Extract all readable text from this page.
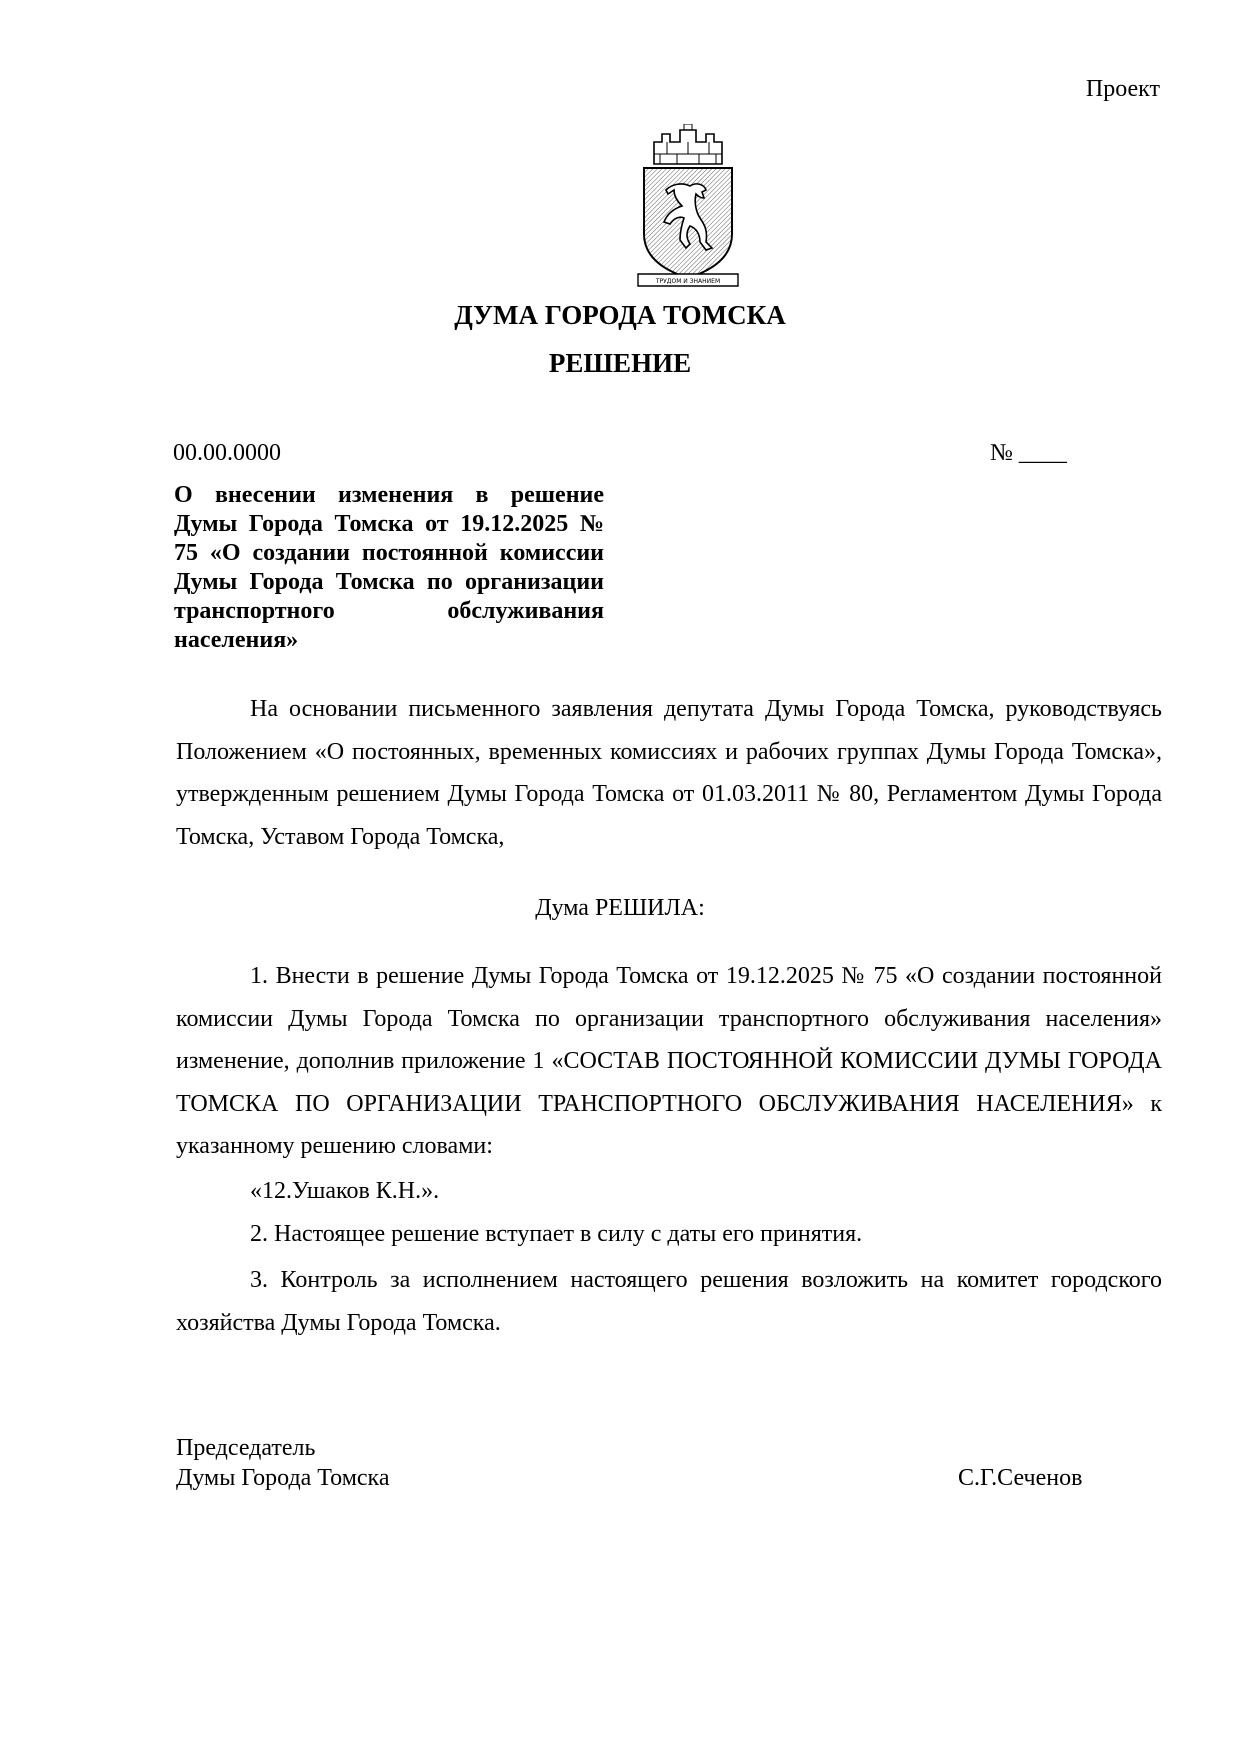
Проект
ТРУДОМ И ЗНАНИЕМ
ДУМА ГОРОДА ТОМСКА
РЕШЕНИЕ
00.00.0000	№ ____
О внесении изменения в решение Думы Города Томска от 19.12.2025 № 75 «О создании постоянной комиссии Думы Города Томска по организации транспортного обслуживания населения»
На основании письменного заявления депутата Думы Города Томска, руководствуясь Положением «О постоянных, временных комиссиях и рабочих группах Думы Города Томска», утвержденным решением Думы Города Томска от 01.03.2011 № 80, Регламентом Думы Города Томска, Уставом Города Томска,
Дума РЕШИЛА:
1. Внести в решение Думы Города Томска от 19.12.2025 № 75 «О создании постоянной комиссии Думы Города Томска по организации транспортного обслуживания населения» изменение, дополнив приложение 1 «СОСТАВ ПОСТОЯННОЙ КОМИССИИ ДУМЫ ГОРОДА ТОМСКА ПО ОРГАНИЗАЦИИ ТРАНСПОРТНОГО ОБСЛУЖИВАНИЯ НАСЕЛЕНИЯ» к указанному решению словами:
«12.Ушаков К.Н.».
2. Настоящее решение вступает в силу с даты его принятия.
3. Контроль за исполнением настоящего решения возложить на комитет городского хозяйства Думы Города Томска.
Председатель
Думы Города Томска	С.Г.Сеченов
